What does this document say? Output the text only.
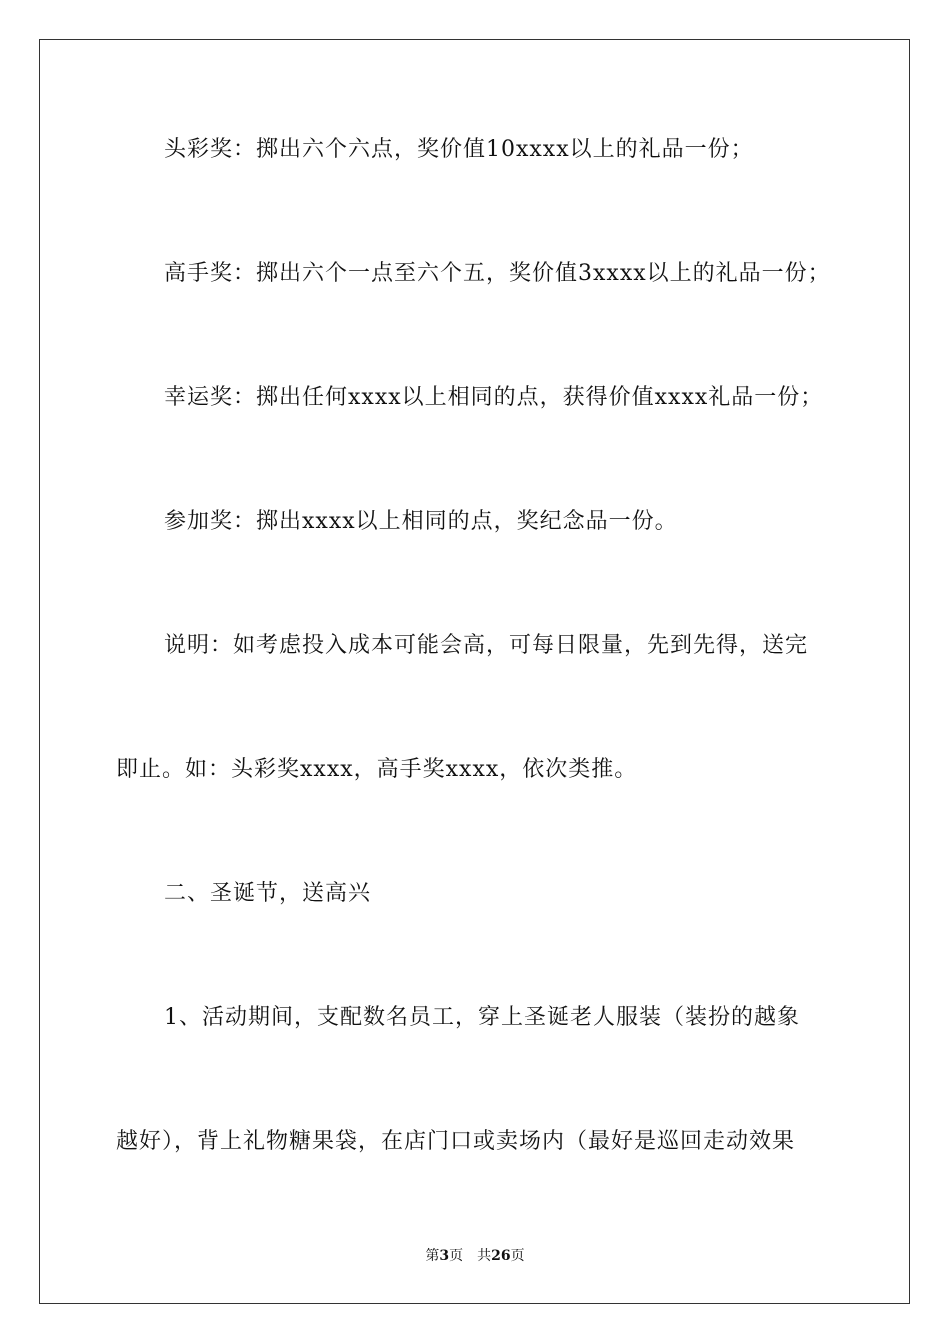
头彩奖：掷出六个六点，奖价值10xxxx以上的礼品一份；
高手奖：掷出六个一点至六个五，奖价值3xxxx以上的礼品一份；
幸运奖：掷出任何xxxx以上相同的点，获得价值xxxx礼品一份；
参加奖：掷出xxxx以上相同的点，奖纪念品一份。
说明：如考虑投入成本可能会高，可每日限量，先到先得，送完
即止。如：头彩奖xxxx，高手奖xxxx，依次类推。
二、圣诞节，送高兴
1、活动期间，支配数名员工，穿上圣诞老人服装（装扮的越象
越好），背上礼物糖果袋，在店门口或卖场内（最好是巡回走动效果
第3页 共26页
